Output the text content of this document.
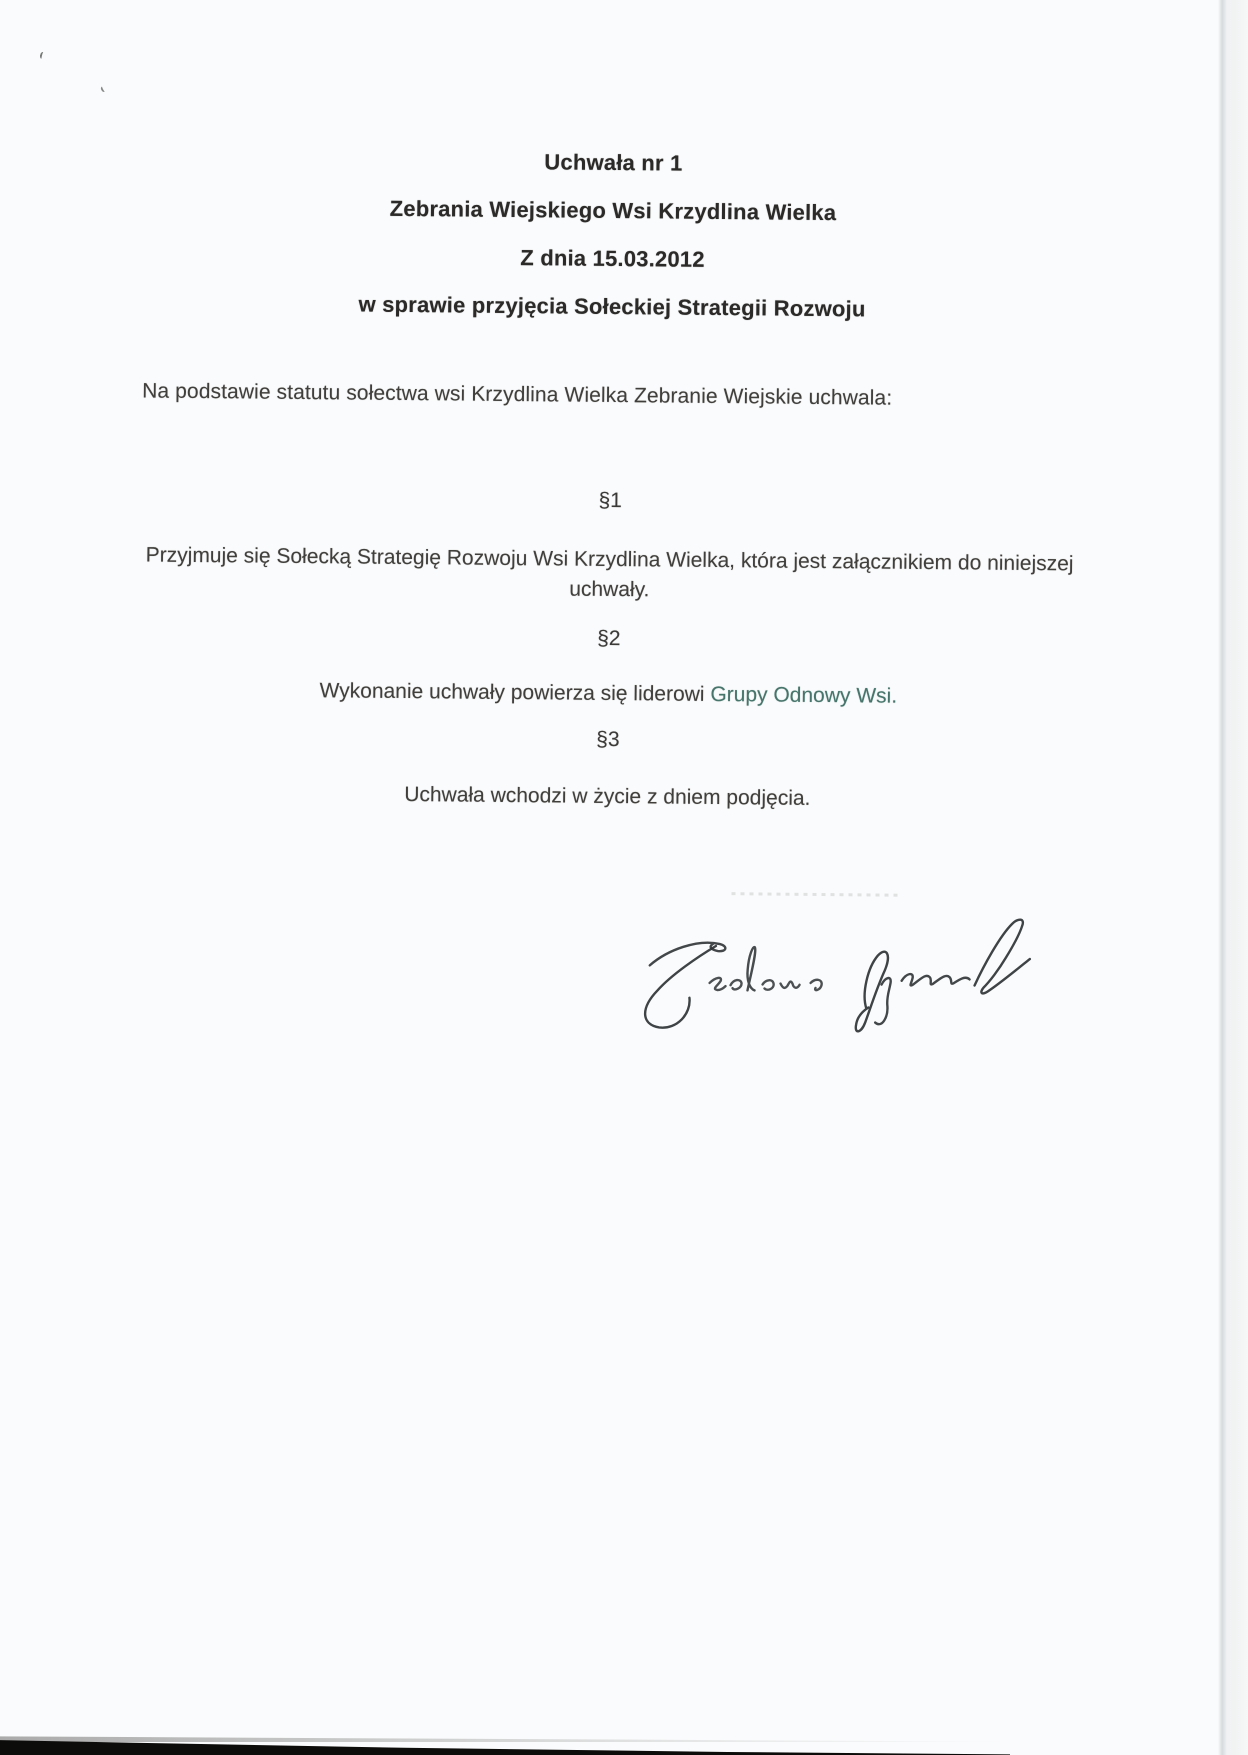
Uchwała nr 1
Zebrania Wiejskiego Wsi Krzydlina Wielka
Z dnia 15.03.2012
w sprawie przyjęcia Sołeckiej Strategii Rozwoju
Na podstawie statutu sołectwa wsi Krzydlina Wielka Zebranie Wiejskie uchwala:
§1
Przyjmuje się Sołecką Strategię Rozwoju Wsi Krzydlina Wielka, która jest załącznikiem do niniejszej
uchwały.
§2
Wykonanie uchwały powierza się liderowi Grupy Odnowy Wsi.
§3
Uchwała wchodzi w życie z dniem podjęcia.
